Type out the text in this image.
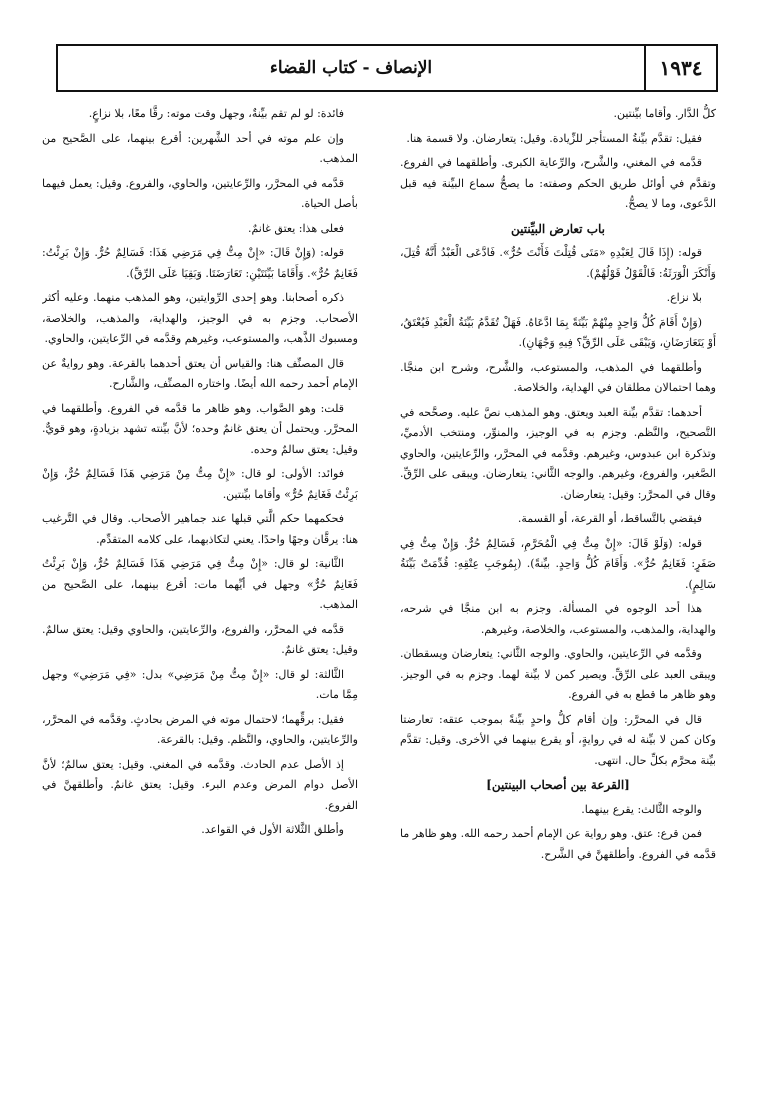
١٩٣٤
الإنصاف - كتاب القضاء

كلُّ الدَّار. وأقاما بيِّنتين.

فقيل: تقدَّم بيِّنةُ المستأجر للزِّيادة. وقيل: يتعارضان. ولا قسمة هنا.

قدَّمه في المغني، والشَّرح، والرِّعاية الكبرى. وأطلقهما في الفروع. وتقدَّم في أوائل طريق الحكم وصفته: ما يصحُّ سماع البيِّنة فيه قبل الدَّعوى، وما لا يصحُّ.

باب تعارض البيِّنتين

قوله: (إِذَا قَالَ لِعَبْدِهِ «مَتَى قُتِلْتَ فَأَنْتَ حُرٌّ». فَادَّعَى الْعَبْدُ أَنَّهُ قُتِلَ، وَأَنْكَرَ الْوَرَثَةُ: فَالْقَوْلُ قَوْلُهُمْ).

بلا نزاع.

(وَإِنْ أَقَامَ كُلُّ وَاحِدٍ مِنْهُمْ بَيِّنَةً بِمَا ادَّعَاهُ. فَهَلْ تُقَدَّمُ بَيِّنَةُ الْعَبْدِ فَيُعْتَقُ، أَوْ يَتَعَارَضَانِ، وَيَبْقَى عَلَى الرِّقِّ؟ فِيهِ وَجْهَانِ).

وأطلقهما في المذهب، والمستوعب، والشَّرح، وشرح ابن منجَّا. وهما احتمالان مطلقان في الهداية، والخلاصة.

أحدهما: تقدَّم بيِّنة العبد ويعتق. وهو المذهب نصَّ عليه. وصحَّحه في التَّصحيح، والنَّظم. وجزم به في الوجيز، والمنوِّر، ومنتخب الأدميِّ، وتذكرة ابن عبدوس، وغيرهم. وقدَّمه في المحرَّر، والرِّعايتين، والحاوي الصَّغير، والفروع، وغيرهم. والوجه الثَّاني: يتعارضان. ويبقى على الرِّقِّ. وقال في المحرَّر: وقيل: يتعارضان.

فيقضي بالتَّساقط، أو القرعة، أو القسمة.

قوله: (وَلَوْ قَالَ: «إِنْ مِتُّ فِي الْمُحَرَّمِ، فَسَالِمٌ حُرٌّ. وَإِنْ مِتُّ فِي صَفَرٍ: فَغَانِمٌ حُرٌّ». وَأَقَامَ كُلُّ وَاحِدٍ. بيِّنةً). (بِمُوجَبِ عِتْقِهِ: قُدِّمَتْ بَيِّنَةُ سَالِمٍ).

هذا أحد الوجوه في المسألة. وجزم به ابن منجَّا في شرحه، والهداية، والمذهب، والمستوعب، والخلاصة، وغيرهم.

وقدَّمه في الرِّعايتين، والحاوي. والوجه الثَّاني: يتعارضان ويسقطان. ويبقى العبد على الرِّقِّ. ويصير كمن لا بيِّنة لهما. وجزم به في الوجيز. وهو ظاهر ما قطع به في الفروع.

قال في المحرَّر: وإن أقام كلُّ واحدٍ بيِّنةً بموجب عتقه: تعارضتا وكان كمن لا بيِّنة له في روايةٍ، أو يقرع بينهما في الأخرى. وقيل: تقدَّم بيِّنة محرَّم بكلِّ حال. انتهى.

[القرعة بين أصحاب البينتين]

والوجه الثَّالث: يقرع بينهما.

فمن قرع: عتق. وهو رواية عن الإمام أحمد رحمه الله. وهو ظاهر ما قدَّمه في الفروع. وأطلقهنَّ في الشَّرح.

فائدة: لو لم تقم بيِّنةٌ، وجهل وقت موته: رقَّا معًا، بلا نزاعٍ.

وإن علم موته في أحد الشَّهرين: أقرع بينهما، على الصَّحيح من المذهب.

قدَّمه في المحرَّر، والرِّعايتين، والحاوي، والفروع. وقيل: يعمل فيهما بأصل الحياة.

فعلى هذا: يعتق غانمٌ.

قوله: (وَإِنْ قَالَ: «إِنْ مِتُّ فِي مَرَضِي هَذَا: فَسَالِمٌ حُرٌّ. وَإِنْ بَرِئْتُ: فَغَانِمٌ حُرٌّ». وَأَقَامَا بَيِّنَتَيْنِ: تَعَارَضَتَا. وَبَقِيَا عَلَى الرِّقِّ).

ذكره أصحابنا. وهو إحدى الرِّوايتين، وهو المذهب منهما. وعليه أكثر الأصحاب. وجزم به في الوجيز، والهداية، والمذهب، والخلاصة، ومسبوك الذَّهب، والمستوعب، وغيرهم وقدَّمه في الرِّعايتين، والحاوي.

قال المصنِّف هنا: والقياس أن يعتق أحدهما بالقرعة. وهو روايةٌ عن الإمام أحمد رحمه الله أيضًا. واختاره المصنِّف، والشَّارح.

قلت: وهو الصَّواب. وهو ظاهر ما قدَّمه في الفروع. وأطلقهما في المحرَّر. ويحتمل أن يعتق غانمٌ وحده؛ لأنَّ بيِّنته تشهد بزيادةٍ، وهو قويٌّ. وقيل: يعتق سالمٌ وحده.

فوائد: الأولى: لو قال: «إِنْ مِتُّ مِنْ مَرَضِي هَذَا فَسَالِمٌ حُرٌّ، وَإِنْ بَرِئْتُ فَغَانِمٌ حُرٌّ» وأقاما بيِّنتين.

فحكمهما حكم الَّتي قبلها عند جماهير الأصحاب. وقال في التَّرغيب هنا: يرقَّان وجهًا واحدًا. يعني لتكاذبهما، على كلامه المتقدِّم.

الثَّانية: لو قال: «إِنْ مِتُّ فِي مَرَضِي هَذَا فَسَالِمٌ حُرٌّ، وَإِنْ بَرِئْتُ فَغَانِمٌ حُرٌّ» وجهل في أيِّهما مات: أقرع بينهما، على الصَّحيح من المذهب.

قدَّمه في المحرَّر، والفروع، والرِّعايتين، والحاوي وقيل: يعتق سالمٌ. وقيل: يعتق غانمٌ.

الثَّالثة: لو قال: «إِنْ مِتُّ مِنْ مَرَضِي» بدل: «فِي مَرَضِي» وجهل مِمَّا مات.

فقيل: برقِّهما؛ لاحتمال موته في المرض بحادثٍ. وقدَّمه في المحرَّر، والرِّعايتين، والحاوي، والنَّظم. وقيل: بالقرعة.

إذ الأصل عدم الحادث. وقدَّمه في المغني. وقيل: يعتق سالمٌ؛ لأنَّ الأصل دوام المرض وعدم البرء. وقيل: يعتق غانمٌ. وأطلقهنَّ في الفروع.

وأطلق الثَّلاثة الأول في القواعد.
